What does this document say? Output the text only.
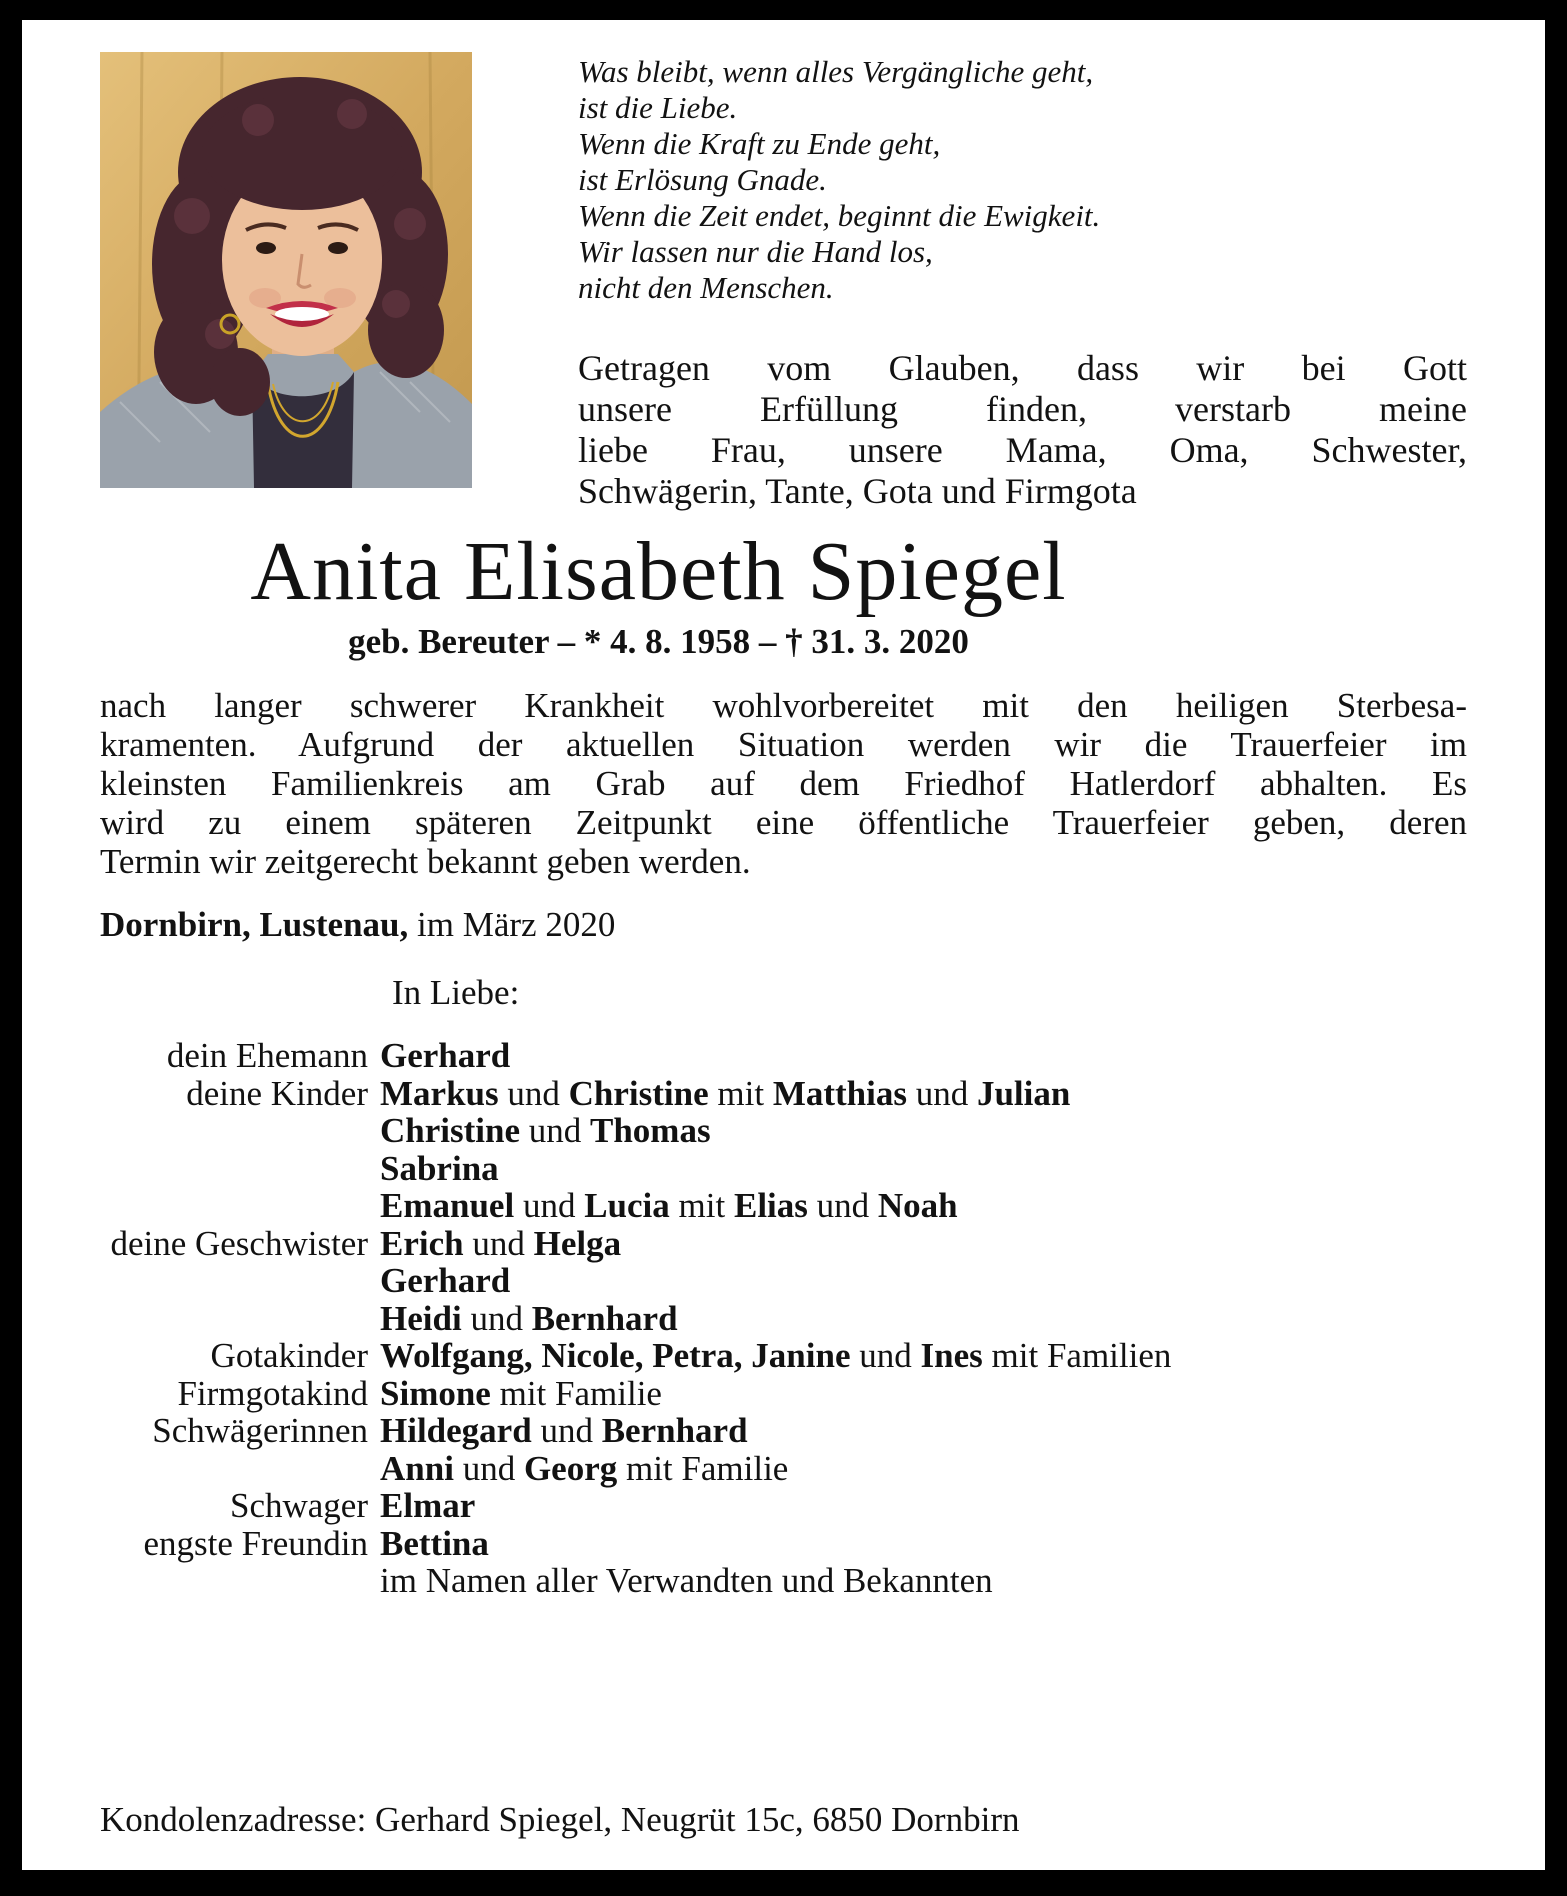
Was bleibt, wenn alles Vergängliche geht,
ist die Liebe.
Wenn die Kraft zu Ende geht,
ist Erlösung Gnade.
Wenn die Zeit endet, beginnt die Ewigkeit.
Wir lassen nur die Hand los,
nicht den Menschen.
Getragen vom Glauben, dass wir bei Gott
unsere Erfüllung finden, verstarb meine
liebe Frau, unsere Mama, Oma, Schwester,
Schwägerin, Tante, Gota und Firmgota
Anita Elisabeth Spiegel
geb. Bereuter – * 4. 8. 1958 – † 31. 3. 2020
nach langer schwerer Krankheit wohlvorbereitet mit den heiligen Sterbesa-
kramenten. Aufgrund der aktuellen Situation werden wir die Trauerfeier im
kleinsten Familienkreis am Grab auf dem Friedhof Hatlerdorf abhalten. Es
wird zu einem späteren Zeitpunkt eine öffentliche Trauerfeier geben, deren
Termin wir zeitgerecht bekannt geben werden.
Dornbirn, Lustenau, im März 2020
In Liebe:
dein Ehemann Gerhard
deine Kinder Markus und Christine mit Matthias und Julian
Christine und Thomas
Sabrina
Emanuel und Lucia mit Elias und Noah
deine Geschwister Erich und Helga
Gerhard
Heidi und Bernhard
Gotakinder Wolfgang, Nicole, Petra, Janine und Ines mit Familien
Firmgotakind Simone mit Familie
Schwägerinnen Hildegard und Bernhard
Anni und Georg mit Familie
Schwager Elmar
engste Freundin Bettina
im Namen aller Verwandten und Bekannten
Kondolenzadresse: Gerhard Spiegel, Neugrüt 15c, 6850 Dornbirn
